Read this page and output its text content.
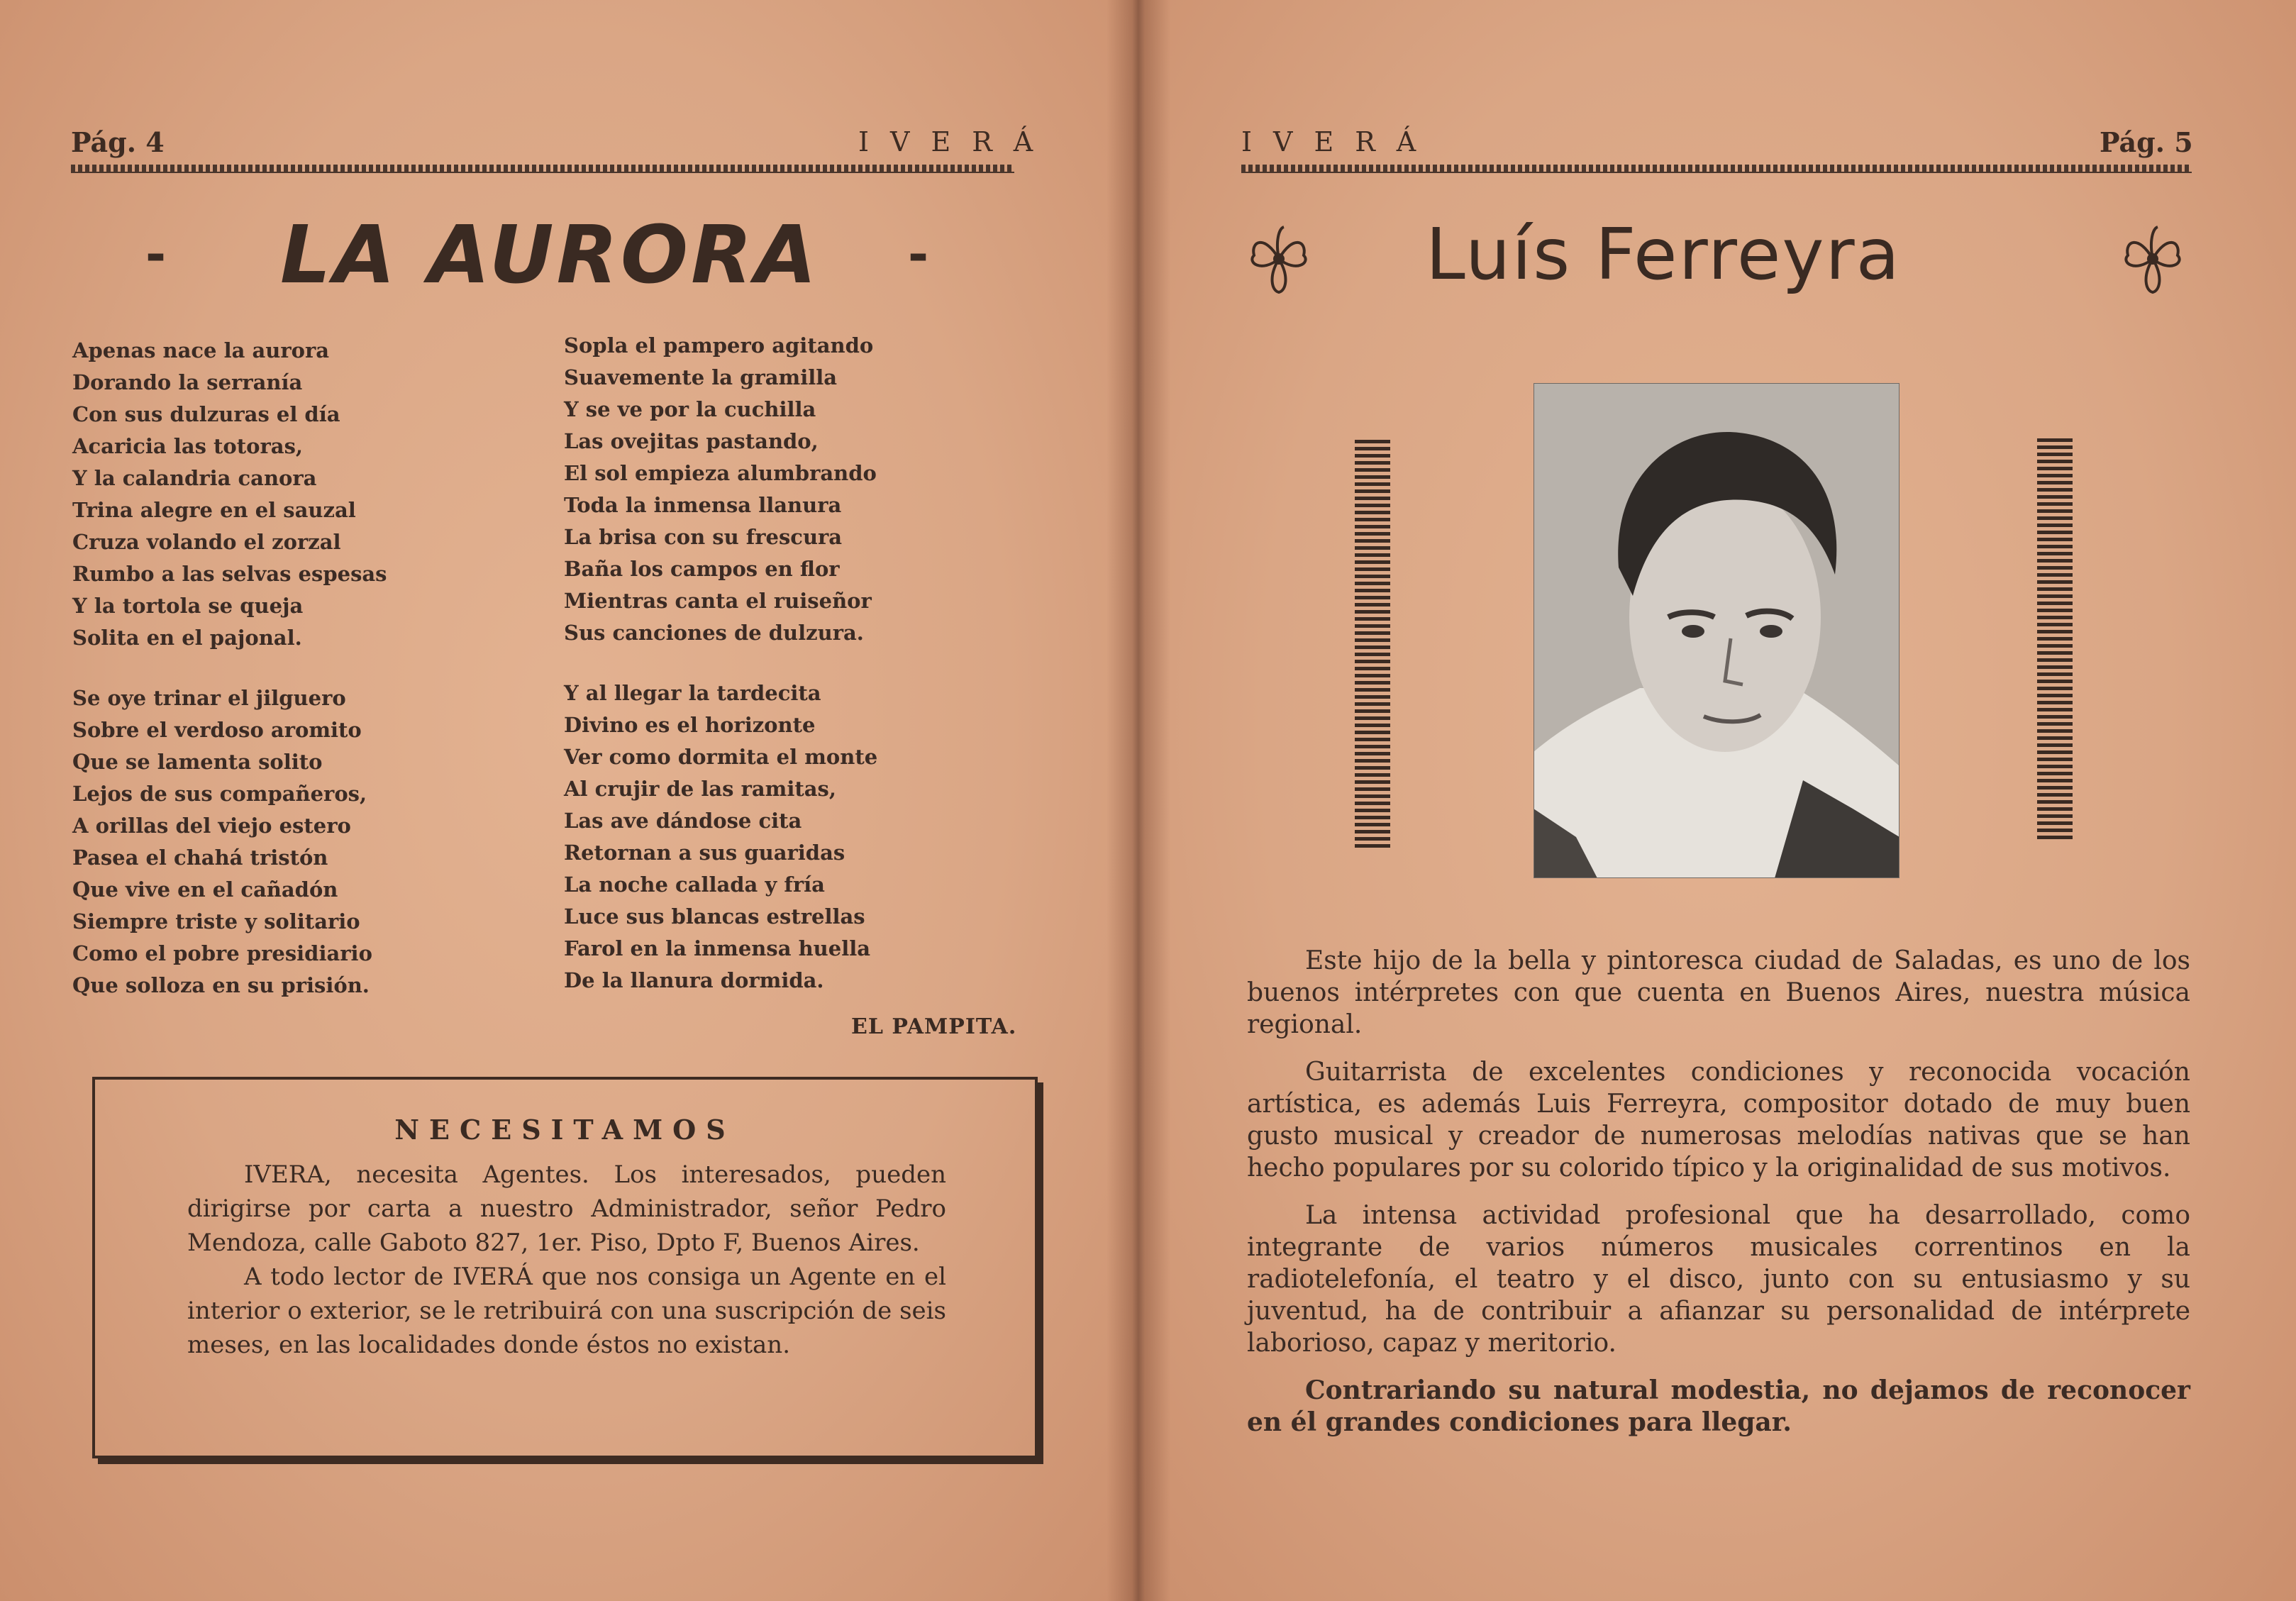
Pág. 4	IVERÁ
- LA AURORA	-
Apenas nace la aurora
Dorando la serranía
Con sus dulzuras el día
Acaricia las totoras,
Y la calandria canora
Trina alegre en el sauzal
Cruza volando el zorzal
Rumbo a las selvas espesas
Y la tortola se queja
Solita en el pajonal.
Se oye trinar el jilguero
Sobre el verdoso aromito
Que se lamenta solito
Lejos de sus compañeros,
A orillas del viejo estero
Pasea el chahá tristón
Que vive en el cañadón
Siempre triste y solitario
Como el pobre presidiario
Que solloza en su prisión.
Sopla el pampero agitando
Suavemente la gramilla
Y se ve por la cuchilla
Las ovejitas pastando,
El sol empieza alumbrando
Toda la inmensa llanura
La brisa con su frescura
Baña los campos en flor
Mientras canta el ruiseñor
Sus canciones de dulzura.
Y al llegar la tardecita
Divino es el horizonte
Ver como dormita el monte
Al crujir de las ramitas,
Las ave dándose cita
Retornan a sus guaridas
La noche callada y fría
Luce sus blancas estrellas
Farol en la inmensa huella
De la llanura dormida.
EL PAMPITA.
NECESITAMOS

IVERA, necesita Agentes. Los interesados, pueden dirigirse por carta a nuestro Administrador, señor Pedro Mendoza, calle Gaboto 827, 1er. Piso, Dpto F, Buenos Aires.

A todo lector de IVERÁ que nos consiga un Agente en el interior o exterior, se le retribuirá con una suscripción de seis meses, en las localidades donde éstos no existan.

IVERÁ	Pág. 5
Luís Ferreyra

Este hijo de la bella y pintoresca ciudad de Saladas, es uno de los buenos intérpretes con que cuenta en Buenos Aires, nuestra música regional.

Guitarrista de excelentes condiciones y reconocida vocación artística, es además Luis Ferreyra, compositor dotado de muy buen gusto musical y creador de numerosas melodías nativas que se han hecho populares por su colorido típico y la originalidad de sus motivos.

La intensa actividad profesional que ha desarrollado, como integrante de varios números musicales correntinos en la radiotelefonía, el teatro y el disco, junto con su entusiasmo y su juventud, ha de contribuir a afianzar su personalidad de intérprete laborioso, capaz y meritorio.

Contrariando su natural modestia, no dejamos de reconocer en él grandes condiciones para llegar.
